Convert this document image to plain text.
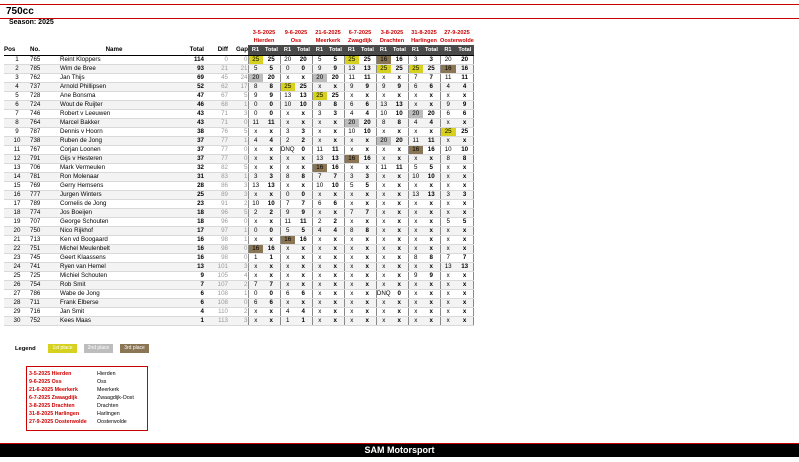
750cc
Season: 2025
						3-5-2025		9-6-2025		21-6-2025		6-7-2025		3-8-2025		31-8-2025		27-9-2025	
						Hierden		Oss		Meerkerk		Zwagdijk		Drachten		Harlingen		Oosterwolde	
Pos	No.	Name	Total	Diff	Gap	R1	Total	R1	Total	R1	Total	R1	Total	R1	Total	R1	Total	R1	Total
1	765	Reint Kloppers	114	0	0	25	25	20	20	5	5	25	25	16	16	3	3	20	20
2	785	Wim de Bree	93	21	21	5	5	0	0	9	9	13	13	25	25	25	25	16	16
3	762	Jan Thijs	69	45	24	20	20	x	x	20	20	11	11	x	x	7	7	11	11
4	737	Arnold Phillipsen	52	62	17	8	8	25	25	x	x	9	9	9	9	6	6	4	4
5	728	Ane Bonsma	47	67	5	9	9	13	13	25	25	x	x	x	x	x	x	x	x
6	724	Wout de Ruijter	46	68	1	0	0	10	10	8	8	6	6	13	13	x	x	9	9
7	746	Robert v Leeuwen	43	71	3	0	0	x	x	3	3	4	4	10	10	20	20	6	6
8	764	Marcel Bakker	43	71	0	11	11	x	x	x	x	20	20	8	8	4	4	x	x
9	787	Dennis v Hoorn	38	76	5	x	x	3	3	x	x	10	10	x	x	x	x	25	25
10	738	Ruben de Jong	37	77	1	4	4	2	2	x	x	x	x	20	20	11	11	x	x
11	767	Corjan Loonen	37	77	0	x	x	DNQ	0	11	11	x	x	x	x	16	16	10	10
12	791	Gijs v Hesteren	37	77	0	x	x	x	x	13	13	16	16	x	x	x	x	8	8
13	706	Mark Vermeulen	32	82	5	x	x	x	x	16	16	x	x	11	11	5	5	x	x
14	781	Ron Molenaar	31	83	1	3	3	8	8	7	7	3	3	x	x	10	10	x	x
15	769	Gerry Hemsens	28	86	3	13	13	x	x	10	10	5	5	x	x	x	x	x	x
16	777	Jurgen Winters	25	89	3	x	x	0	0	x	x	x	x	x	x	13	13	3	3
17	789	Cornelis de Jong	23	91	2	10	10	7	7	6	6	x	x	x	x	x	x	x	x
18	774	Jos Boeijen	18	96	5	2	2	9	9	x	x	7	7	x	x	x	x	x	x
19	707	George Schouten	18	96	0	x	x	11	11	2	2	x	x	x	x	x	x	5	5
20	750	Nico Rijkhof	17	97	1	0	0	5	5	4	4	8	8	x	x	x	x	x	x
21	713	Ken vd Boogaard	16	98	1	x	x	16	16	x	x	x	x	x	x	x	x	x	x
22	751	Michel Meulenbelt	16	98	0	16	16	x	x	x	x	x	x	x	x	x	x	x	x
23	745	Geert Klaassens	16	98	0	1	1	x	x	x	x	x	x	x	x	8	8	7	7
24	741	Ryen van Hemel	13	101	3	x	x	x	x	x	x	x	x	x	x	x	x	13	13
25	725	Michiel Schouten	9	105	4	x	x	x	x	x	x	x	x	x	x	9	9	x	x
26	754	Rob Smit	7	107	2	7	7	x	x	x	x	x	x	x	x	x	x	x	x
27	786	Wabe de Jong	6	108	1	0	0	6	6	x	x	x	x	DNQ	0	x	x	x	x
28	711	Frank Elberse	6	108	0	6	6	x	x	x	x	x	x	x	x	x	x	x	x
29	716	Jan Smit	4	110	2	x	x	4	4	x	x	x	x	x	x	x	x	x	x
30	752	Kees Maas	1	113	3	x	x	1	1	x	x	x	x	x	x	x	x	x	x
Legend	1st place	2nd place	3rd place
3-5-2025 Hierden	Hierden
9-6-2025 Oss	Oss
21-6-2025 Meerkerk	Meerkerk
6-7-2025 Zwaagdijk	Zwaagdijk-Oost
3-8-2025 Drachten	Drachten
31-8-2025 Harlingen	Harlingen
27-9-2025 Oosterwolde Oosterwolde
SAM Motorsport
